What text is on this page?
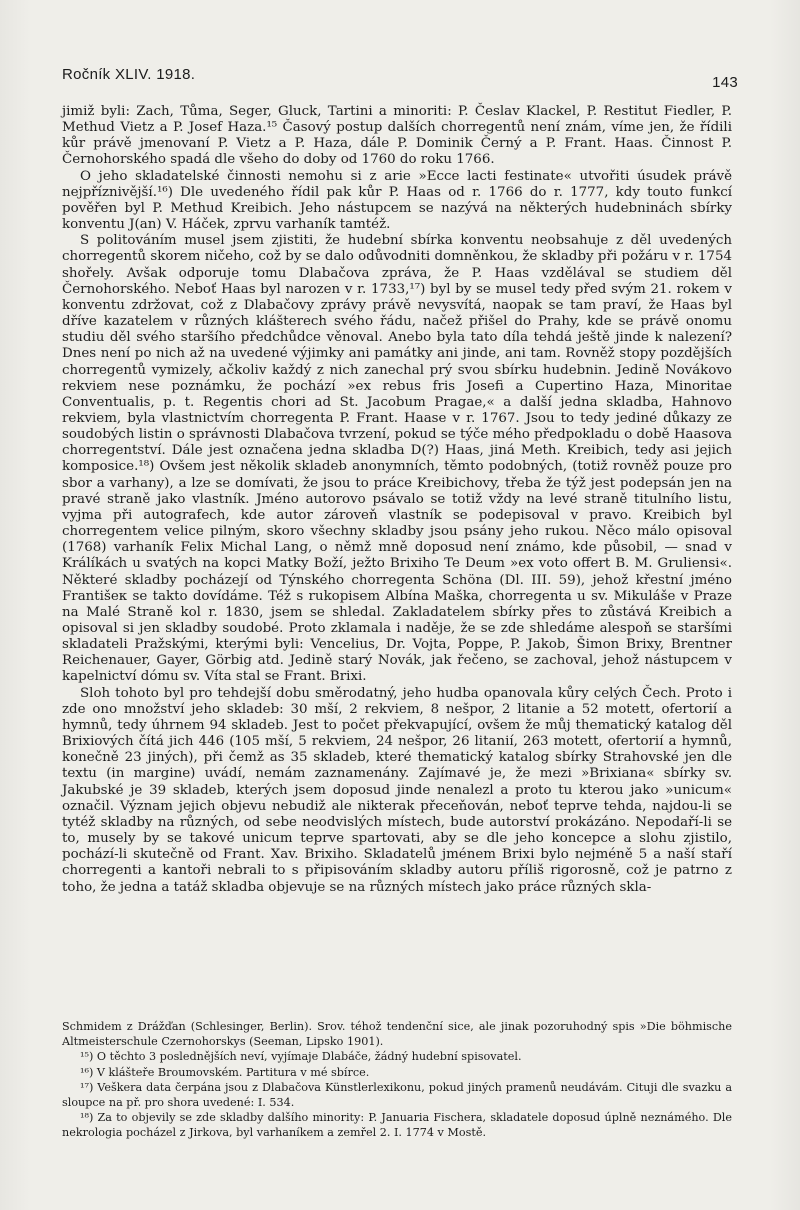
Ročník XLIV. 1918.	143

jimiž byli: Zach, Tůma, Seger, Gluck, Tartini a minoriti: P. Česlav Klackel, P. Restitut Fiedler, P. Methud Vietz a P. Josef Haza.¹⁵ Časový postup dalších chorregentů není znám, víme jen, že řídili kůr právě jmenovaní P. Vietz a P. Haza, dále P. Dominik Černý a P. Frant. Haas. Činnost P. Černohorského spadá dle všeho do doby od 1760 do roku 1766.

O jeho skladatelské činnosti nemohu si z arie »Ecce lacti festinate« utvořiti úsudek právě nejpříznivější.¹⁶) Dle uvedeného řídil pak kůr P. Haas od r. 1766 do r. 1777, kdy touto funkcí pověřen byl P. Methud Kreibich. Jeho nástupcem se nazývá na některých hudebninách sbírky konventu J(an) V. Háček, zprvu varhaník tamtéž.

S politováním musel jsem zjistiti, že hudební sbírka konventu neobsahuje z děl uvedených chorregentů skorem ničeho, což by se dalo odůvodniti domněnkou, že skladby při požáru v r. 1754 shořely. Avšak odporuje tomu Dlabačova zpráva, že P. Haas vzdělával se studiem děl Černohorského. Neboť Haas byl narozen v r. 1733,¹⁷) byl by se musel tedy před svým 21. rokem v konventu zdržovat, což z Dlabačovy zprávy právě nevysvítá, naopak se tam praví, že Haas byl dříve kazatelem v různých klášterech svého řádu, načež přišel do Prahy, kde se právě onomu studiu děl svého staršího předchůdce věnoval. Anebo byla tato díla tehdá ještě jinde k nalezení? Dnes není po nich až na uvedené výjimky ani památky ani jinde, ani tam. Rovněž stopy pozdějších chorregentů vymizely, ačkoliv každý z nich zanechal prý svou sbírku hudebnin. Jedině Novákovo rekviem nese poznámku, že pochází »ex rebus fris Josefi a Cupertino Haza, Minoritae Conventualis, p. t. Regentis chori ad St. Jacobum Pragae,« a další jedna skladba, Hahnovo rekviem, byla vlastnictvím chorregenta P. Frant. Haase v r. 1767. Jsou to tedy jediné důkazy ze soudobých listin o správnosti Dlabačova tvrzení, pokud se týče mého předpokladu o době Haasova chorregentství. Dále jest označena jedna skladba D(?) Haas, jiná Meth. Kreibich, tedy asi jejich komposice.¹⁸) Ovšem jest několik skladeb anonymních, těmto podobných, (totiž rovněž pouze pro sbor a varhany), a lze se domívati, že jsou to práce Kreibichovy, třeba že týž jest podepsán jen na pravé straně jako vlastník. Jméno autorovo psávalo se totiž vždy na levé straně titulního listu, vyjma při autografech, kde autor zároveň vlastník se podepisoval v pravo. Kreibich byl chorregentem velice pilným, skoro všechny skladby jsou psány jeho rukou. Něco málo opisoval (1768) varhaník Felix Michal Lang, o němž mně doposud není známo, kde působil, — snad v Králíkách u svatých na kopci Matky Boží, ježto Brixiho Te Deum »ex voto offert B. M. Gruliensi«. Některé skladby pocházejí od Týnského chorregenta Schöna (Dl. III. 59), jehož křestní jméno Františeк se takto dovídáme. Též s rukopisem Albína Maška, chorregenta u sv. Mikuláše v Praze na Malé Straně kol r. 1830, jsem se shledal. Zakladatelem sbírky přes to zůstává Kreibich a opisoval si jen skladby soudobé. Proto zklamala i naděje, že se zde shledáme alespoň se staršími skladateli Pražskými, kterými byli: Vencelius, Dr. Vojta, Poppe, P. Jakob, Šimon Brixy, Brentner Reichenauer, Gayer, Görbig atd. Jedině starý Novák, jak řečeno, se zachoval, jehož nástupcem v kapelnictví dómu sv. Víta stal se Frant. Brixi.

Sloh tohoto byl pro tehdejší dobu směrodatný, jeho hudba opanovala kůry celých Čech. Proto i zde ono množství jeho skladeb: 30 mší, 2 rekviem, 8 nešpor, 2 litanie a 52 motett, ofertorií a hymnů, tedy úhrnem 94 skladeb. Jest to počet překvapující, ovšem že můj thematický katalog děl Brixiových čítá jich 446 (105 mší, 5 rekviem, 24 nešpor, 26 litanií, 263 motett, ofertorií a hymnů, konečně 23 jiných), při čemž as 35 skladeb, které thematický katalog sbírky Strahovské jen dle textu (in margine) uvádí, nemám zaznamenány. Zajímavé je, že mezi »Brixiana« sbírky sv. Jakubské je 39 skladeb, kterých jsem doposud jinde nenalezl a proto tu kterou jako »unicum« označil. Význam jejich objevu nebudiž ale nikterak přeceňován, neboť teprve tehda, najdou-li se tytéž skladby na různých, od sebe neodvislých místech, bude autorství prokázáno. Nepodaří-li se to, musely by se takové unicum teprve spartovati, aby se dle jeho koncepce a slohu zjistilo, pochází-li skutečně od Frant. Xav. Brixiho. Skladatelů jménem Brixi bylo nejméně 5 a naší staří chorregenti a kantoři nebrali to s připisováním skladby autoru příliš rigorosně, což je patrno z toho, že jedna a tatáž skladba objevuje se na různých místech jako práce různých skla-

Schmidem z Drážďan (Schlesinger, Berlin). Srov. téhož tendenční sice, ale jinak pozoruhodný spis »Die böhmische Altmeisterschule Czernohorskys (Seeman, Lipsko 1901).

¹⁵) O těchto 3 posledněјších neví, vyjímaje Dlabáče, žádný hudební spisovatel.

¹⁶) V klášteře Broumovském. Partitura v mé sbírce.

¹⁷) Veškera data čerpána jsou z Dlabačova Künstlerlexikonu, pokud jiných pramenů neudávám. Cituji dle svazku a sloupce na př. pro shora uvedené: I. 534.

¹⁸) Za to objevily se zde skladby dalšího minority: P. Januaria Fischera, skladatele doposud úplně neznámého. Dle nekrologia pocházel z Jirkova, byl varhaníkem a zemřel 2. I. 1774 v Mostě.
